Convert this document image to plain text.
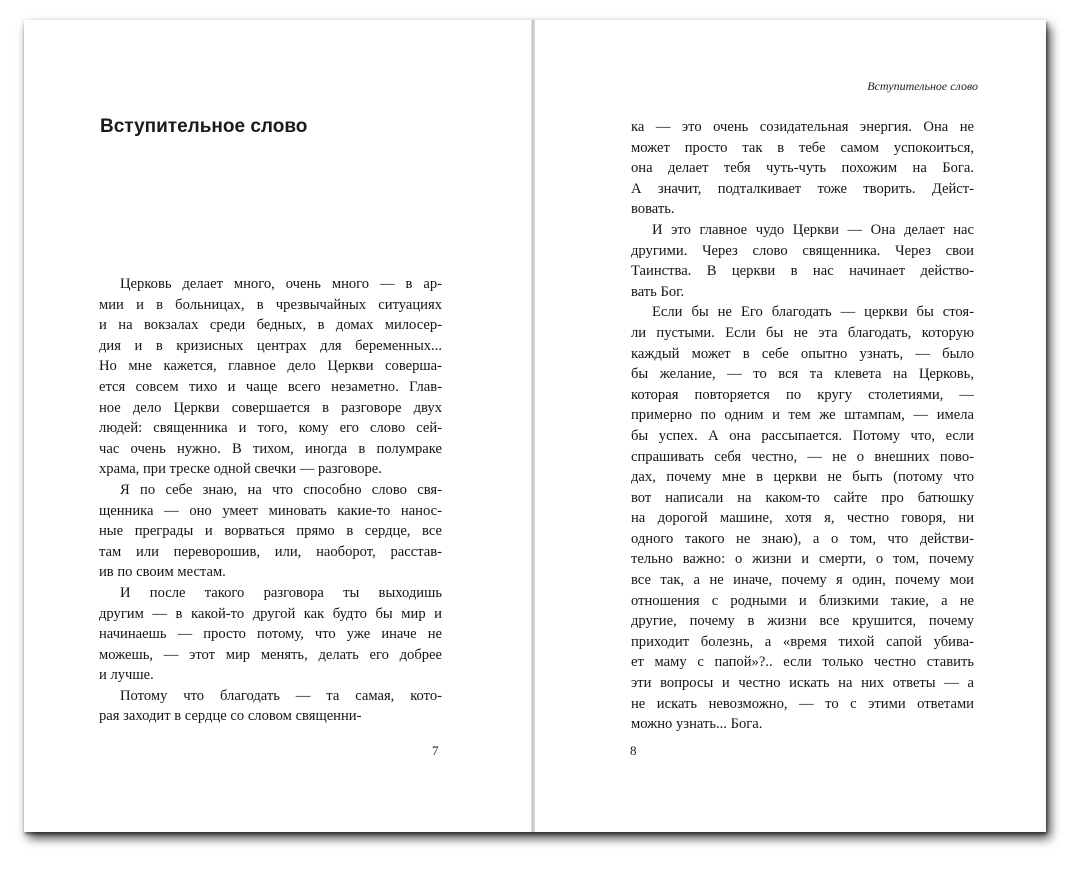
Вступительное слово
Церковь делает много, очень много — в ар-
мии и в больницах, в чрезвычайных ситуациях
и на вокзалах среди бедных, в домах милосер-
дия и в кризисных центрах для беременных...
Но мне кажется, главное дело Церкви соверша-
ется совсем тихо и чаще всего незаметно. Глав-
ное дело Церкви совершается в разговоре двух
людей: священника и того, кому его слово сей-
час очень нужно. В тихом, иногда в полумраке
храма, при треске одной свечки — разговоре.
Я по себе знаю, на что способно слово свя-
щенника — оно умеет миновать какие-то нанос-
ные преграды и ворваться прямо в сердце, все
там или переворошив, или, наоборот, расстав-
ив по своим местам.
И после такого разговора ты выходишь
другим — в какой-то другой как будто бы мир и
начинаешь — просто потому, что уже иначе не
можешь, — этот мир менять, делать его добрее
и лучше.
Потому что благодать — та самая, кото-
рая заходит в сердце со словом священни-
7
Вступительное слово
ка — это очень созидательная энергия. Она не
может просто так в тебе самом успокоиться,
она делает тебя чуть-чуть похожим на Бога.
А значит, подталкивает тоже творить. Дейст-
вовать.
И это главное чудо Церкви — Она делает нас
другими. Через слово священника. Через свои
Таинства. В церкви в нас начинает действо-
вать Бог.
Если бы не Его благодать — церкви бы стоя-
ли пустыми. Если бы не эта благодать, которую
каждый может в себе опытно узнать, — было
бы желание, — то вся та клевета на Церковь,
которая повторяется по кругу столетиями, —
примерно по одним и тем же штампам, — имела
бы успех. А она рассыпается. Потому что, если
спрашивать себя честно, — не о внешних пово-
дах, почему мне в церкви не быть (потому что
вот написали на каком-то сайте про батюшку
на дорогой машине, хотя я, честно говоря, ни
одного такого не знаю), а о том, что действи-
тельно важно: о жизни и смерти, о том, почему
все так, а не иначе, почему я один, почему мои
отношения с родными и близкими такие, а не
другие, почему в жизни все крушится, почему
приходит болезнь, а «время тихой сапой убива-
ет маму с папой»?.. если только честно ставить
эти вопросы и честно искать на них ответы — а
не искать невозможно, — то с этими ответами
можно узнать... Бога.
8
